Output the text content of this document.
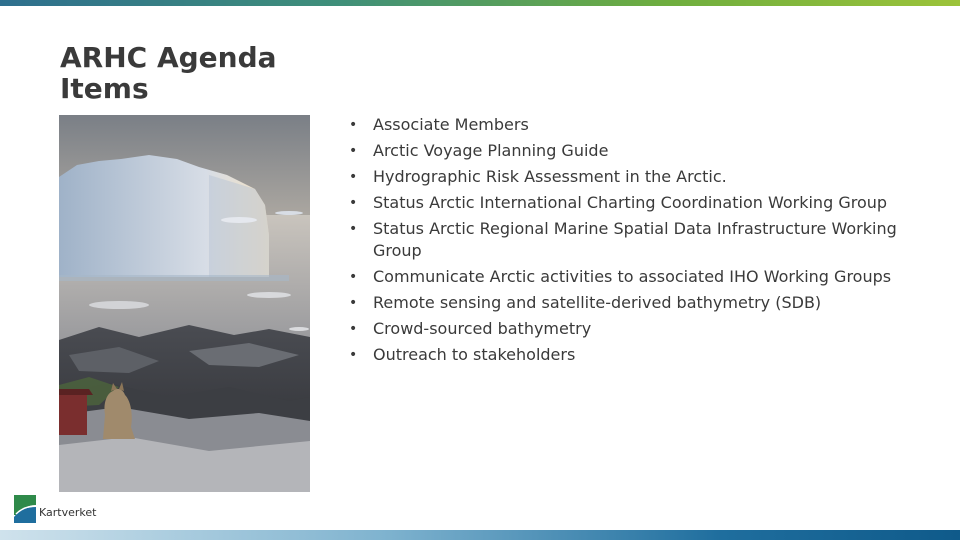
ARHC Agenda Items
• Associate Members
• Arctic Voyage Planning Guide
• Hydrographic Risk Assessment in the Arctic.
• Status Arctic International Charting Coordination Working Group
• Status Arctic Regional Marine Spatial Data Infrastructure Working Group
• Communicate Arctic activities to associated IHO Working Groups
• Remote sensing and satellite-derived bathymetry (SDB)
• Crowd-sourced bathymetry
• Outreach to stakeholders
Kartverket
